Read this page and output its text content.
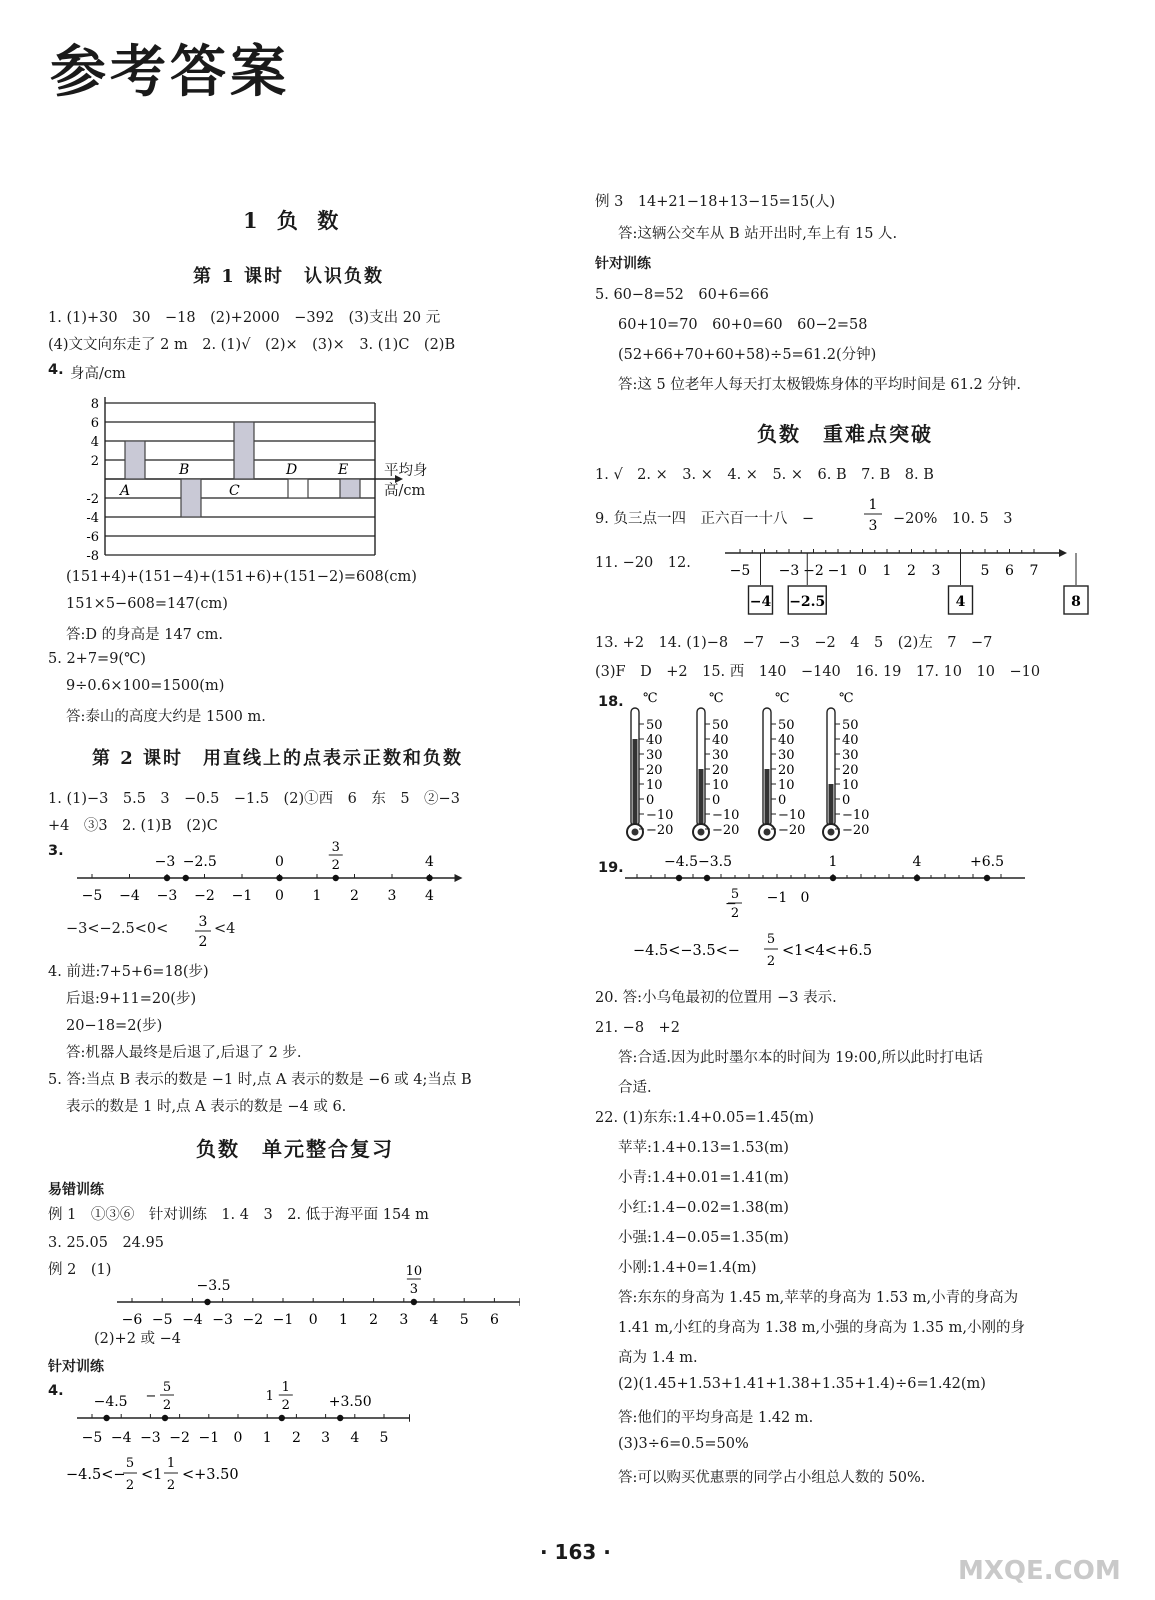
参考答案
1 负 数
第 1 课时　认识负数
1. (1)+30　30　−18　(2)+2000　−392　(3)支出 20 元
(4)文文向东走了 2 m　2. (1)√　(2)×　(3)×　3. (1)C　(2)B
4. 身高/cm
8
6
4
2
-2
-4
-6
-8
A
B
C
D	E 平均身
高/cm
(151+4)+(151−4)+(151+6)+(151−2)=608(cm)
151×5−608=147(cm)
答:D 的身高是 147 cm.
5. 2+7=9(℃)
9÷0.6×100=1500(m)
答:泰山的高度大约是 1500 m.
第 2 课时　用直线上的点表示正数和负数
1. (1)−3　5.5　3　−0.5　−1.5　(2)①西　6　东　5　②−3
+4　③3　2. (1)B　(2)C
3.
−5 −4 −3 −2 −1 0 1 2 3 4
−3 −2.5	0
3
2	4
−3<−2.5<0< 3
2
<4
4. 前进:7+5+6=18(步)
后退:9+11=20(步)
20−18=2(步)
答:机器人最终是后退了,后退了 2 步.
5. 答:当点 B 表示的数是 −1 时,点 A 表示的数是 −6 或 4;当点 B
表示的数是 1 时,点 A 表示的数是 −4 或 6.
负数　单元整合复习
易错训练
例 1　①③⑥　针对训练　1. 4　3　2. 低于海平面 154 m
3. 25.05　24.95
例 2　(1)
−6 −5 −4 −3 −2 −1 0 1 2 3 4 5 6
−3.5
10
3
(2)+2 或 −4
针对训练
4.
−5 −4 −3 −2 −1 0 1 2 3 4 5
−4.5
5
2
−
1
2
1	+3.50
−4.5<−
5
2
<1
1
2
<+3.50
例 3　14+21−18+13−15=15(人)
答:这辆公交车从 B 站开出时,车上有 15 人.
针对训练
5. 60−8=52　60+6=66
60+10=70　60+0=60　60−2=58
(52+66+70+60+58)÷5=61.2(分钟)
答:这 5 位老年人每天打太极锻炼身体的平均时间是 61.2 分钟.
负数　重难点突破
1. √　2. ×　3. ×　4. ×　5. ×　6. B　7. B　8. B
9. 负三点一四　正六百一十八　−
1
3 −20%　10. 5　3
11. −20　12.	−5 −3 −2 −1 0 1 2 3	5 6 7
−4 −2.5	4	8
13. +2　14. (1)−8　−7　−3　−2　4　5　(2)左　7　−7
(3)F　D　+2　15. 西　140　−140　16. 19　17. 10　10　−10
18. ℃
50
40
30
20
10
0
−10
−20
℃
50
40
30
20
10
0
−10
−20
℃
50
40
30
20
10
0
−10
−20
℃
50
40
30
20
10
0
−10
−20
19.	−4.5 −3.5	1	4	+6.5
−
5
2
−1 0
−4.5<−3.5<−
5
2
<1<4<+6.5
20. 答:小乌龟最初的位置用 −3 表示.
21. −8　+2
答:合适.因为此时墨尔本的时间为 19:00,所以此时打电话
合适.
22. (1)东东:1.4+0.05=1.45(m)
苹苹:1.4+0.13=1.53(m)
小青:1.4+0.01=1.41(m)
小红:1.4−0.02=1.38(m)
小强:1.4−0.05=1.35(m)
小刚:1.4+0=1.4(m)
答:东东的身高为 1.45 m,苹苹的身高为 1.53 m,小青的身高为
1.41 m,小红的身高为 1.38 m,小强的身高为 1.35 m,小刚的身
高为 1.4 m.
(2)(1.45+1.53+1.41+1.38+1.35+1.4)÷6=1.42(m)
答:他们的平均身高是 1.42 m.
(3)3÷6=0.5=50%
答:可以购买优惠票的同学占小组总人数的 50%.
· 163 ·
MXQE.COM
